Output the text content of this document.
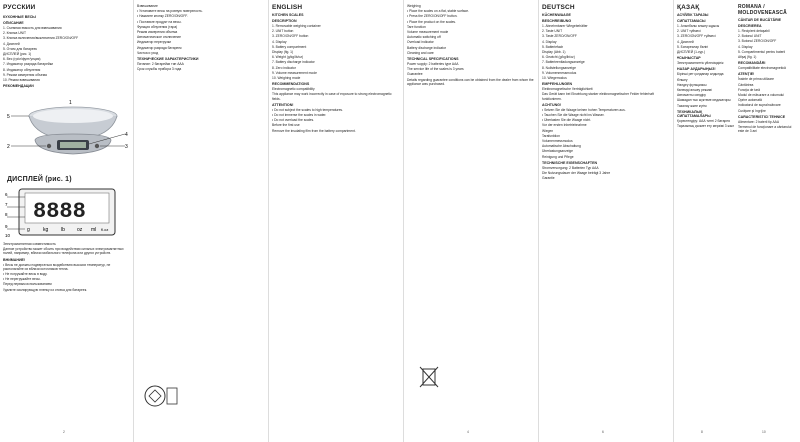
РУССКИЙ
КУХОННЫЕ ВЕСЫ
ОПИСАНИЕ

1. Съемная емкость для взвешивания

2. Кнопка UNIT

3. Кнопка включения/выключения ZERO/ON/OFF

4. Дисплей

5. Отсек для батареек

ДИСПЛЕЙ (рис. 1)

6. Вес (гр/кг/фунт/унция)

7. Индикатор разряда батарейки

8. Индикатор обнуления

9. Режим измерения объема

10. Режим взвешивания

РЕКОМЕНДАЦИИ
5
2	3
4
1
ДИСПЛЕЙ (рис. 1)
8888
g	kg	lb oz ml fl.oz
6
7
8
9
10

Электромагнитная совместимость

Данное устройство может сбоить при воздействии сильных электромагнитных полей, например, вблизи мобильного телефона или других устройств.

ВНИМАНИЕ!

• Весы не должны подвергаться воздействию высоких температур, не располагайте их вблизи источников тепла.

• Не погружайте весы в воду.

• Не перегружайте весы.

Перед первым использованием

Удалите изолирующую пленку из отсека для батареек.

2

Взвешивание

• Установите весы на ровную поверхность.

• Нажмите кнопку ZERO/ON/OFF.

• Поставьте продукт на весы.

Функция обнуления (тара)

Режим измерения объема

Автоматическое отключение

Индикатор перегрузки

Индикатор разряда батареек

Чистка и уход

ТЕХНИЧЕСКИЕ ХАРАКТЕРИСТИКИ

Питание: 2 батарейки тип ААА

Срок службы прибора 3 года

ENGLISH
KITCHEN SCALES
DESCRIPTION

1. Removable weighing container

2. UNIT button

3. ZERO/ON/OFF button

4. Display

5. Battery compartment

Display (fig. 1)

6. Weight (g/kg/lb/oz)

7. Battery discharge indicator

8. Zero indicator

9. Volume measurement mode

10. Weighing mode

RECOMMENDATIONS

Electromagnetic compatibility

This appliance may work incorrectly in case of exposure to strong electromagnetic fields.

ATTENTION!

• Do not subject the scales to high temperatures.

• Do not immerse the scales in water.

• Do not overload the scales.

Before the first use

Remove the insulating film from the battery compartment.

Weighing

• Place the scales on a flat, stable surface.

• Press the ZERO/ON/OFF button.

• Place the product on the scales.

Tare function

Volume measurement mode

Automatic switching off

Overload indicator

Battery discharge indicator

Cleaning and care

TECHNICAL SPECIFICATIONS

Power supply: 2 batteries type AAA

The service life of the scales is 3 years

Guarantee

Details regarding guarantee conditions can be obtained from the dealer from whom the appliance was purchased.

4
DEUTSCH
KÜCHENWAAGE
BESCHREIBUNG

1. Abnehmbarer Wiegebehälter

2. Taste UNIT

3. Taste ZERO/ON/OFF

4. Display

5. Batteriefach

Display (Abb. 1)

6. Gewicht (g/kg/lb/oz)

7. Batterieentladungsanzeige

8. Nullstellungsanzeige

9. Volumenmessmodus

10. Wiegemodus

EMPFEHLUNGEN

Elektromagnetische Verträglichkeit

Das Gerät kann bei Einwirkung starker elektromagnetischer Felder fehlerhaft funktionieren.

ACHTUNG!

• Setzen Sie die Waage keinen hohen Temperaturen aus.

• Tauchen Sie die Waage nicht ins Wasser.

• Überlasten Sie die Waage nicht.

Vor der ersten Inbetriebnahme

Wiegen

Tarafunktion

Volumenmessmodus

Automatische Abschaltung

Überlastungsanzeige

Reinigung und Pflege

TECHNISCHE EIGENSCHAFTEN

Stromversorgung: 2 Batterien Typ AAA

Die Nutzungsdauer der Waage beträgt 3 Jahre

Garantie

6
ҚАЗАҚ
АСҮЙЛІК ТАРАЗЫ
СИПАТТАМАСЫ

1. Алынбалы өлшеу ыдысы

2. UNIT түймесі

3. ZERO/ON/OFF түймесі

4. Дисплей

5. Батареялар бөлігі

ДИСПЛЕЙ (1-сур.)

ҰСЫНЫСТАР

Электромагниттік үйлесімділік

НАЗАР АУДАРЫҢЫЗ!

Бірінші рет қолданар алдында

Өлшеу

Нөлдеу функциясы

Көлемді өлшеу режимі

Автоматты сөндіру

Шамадан тыс жүктеме индикаторы

Тазалау және күтім

ТЕХНИКАЛЫҚ СИПАТТАМАЛАРЫ

Қоректендіру: ААА типті 2 батарея

Таразының қызмет ету мерзімі 3 жыл

8
ROMÂNĂ / MOLDOVENEASCĂ
CÂNTAR DE BUCĂTĂRIE
DESCRIEREA

1. Recipient detaşabil

2. Butonul UNIT

3. Butonul ZERO/ON/OFF

4. Display

5. Compartimentul pentru baterii

Afişaj (fig. 1)

RECOMANDĂRI

Compatibilitate electromagnetică

ATENŢIE!

Înainte de prima utilizare

Cântărirea

Funcţia de tară

Modul de măsurare a volumului

Oprire automată

Indicatorul de supraîncărcare

Curăţare şi îngrijire

CARACTERISTICI TEHNICE

Alimentare: 2 baterii tip AAA

Termenul de funcţionare a cântarului este de 3 ani

10
